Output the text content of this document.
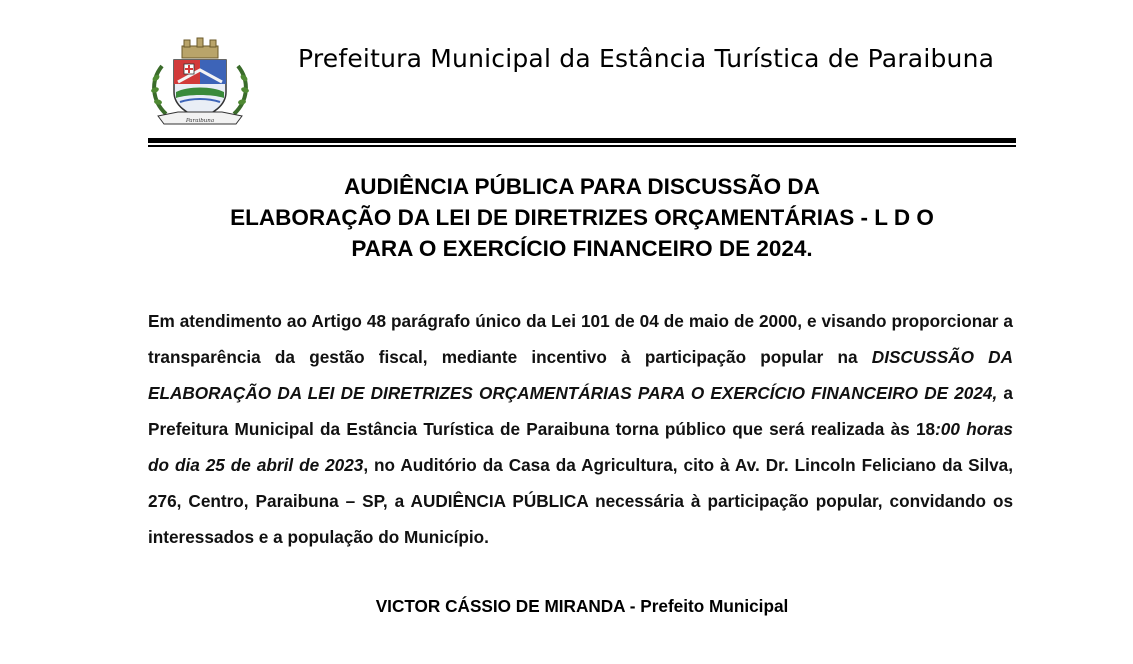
Paraibuna
Prefeitura Municipal da Estância Turística de Paraibuna
AUDIÊNCIA PÚBLICA PARA DISCUSSÃO DA
ELABORAÇÃO DA LEI DE DIRETRIZES ORÇAMENTÁRIAS - L D O
PARA O EXERCÍCIO FINANCEIRO DE 2024.
Em atendimento ao Artigo 48 parágrafo único da Lei 101 de 04 de maio de 2000, e visando proporcionar a transparência da gestão fiscal, mediante incentivo à participação popular na DISCUSSÃO DA ELABORAÇÃO DA LEI DE DIRETRIZES ORÇAMENTÁRIAS PARA O EXERCÍCIO FINANCEIRO DE 2024, a Prefeitura Municipal da Estância Turística de Paraibuna torna público que será realizada às 18:00 horas do dia 25 de abril de 2023, no Auditório da Casa da Agricultura, cito à Av. Dr. Lincoln Feliciano da Silva, 276, Centro, Paraibuna – SP, a AUDIÊNCIA PÚBLICA necessária à participação popular, convidando os interessados e a população do Município.
VICTOR CÁSSIO DE MIRANDA - Prefeito Municipal
